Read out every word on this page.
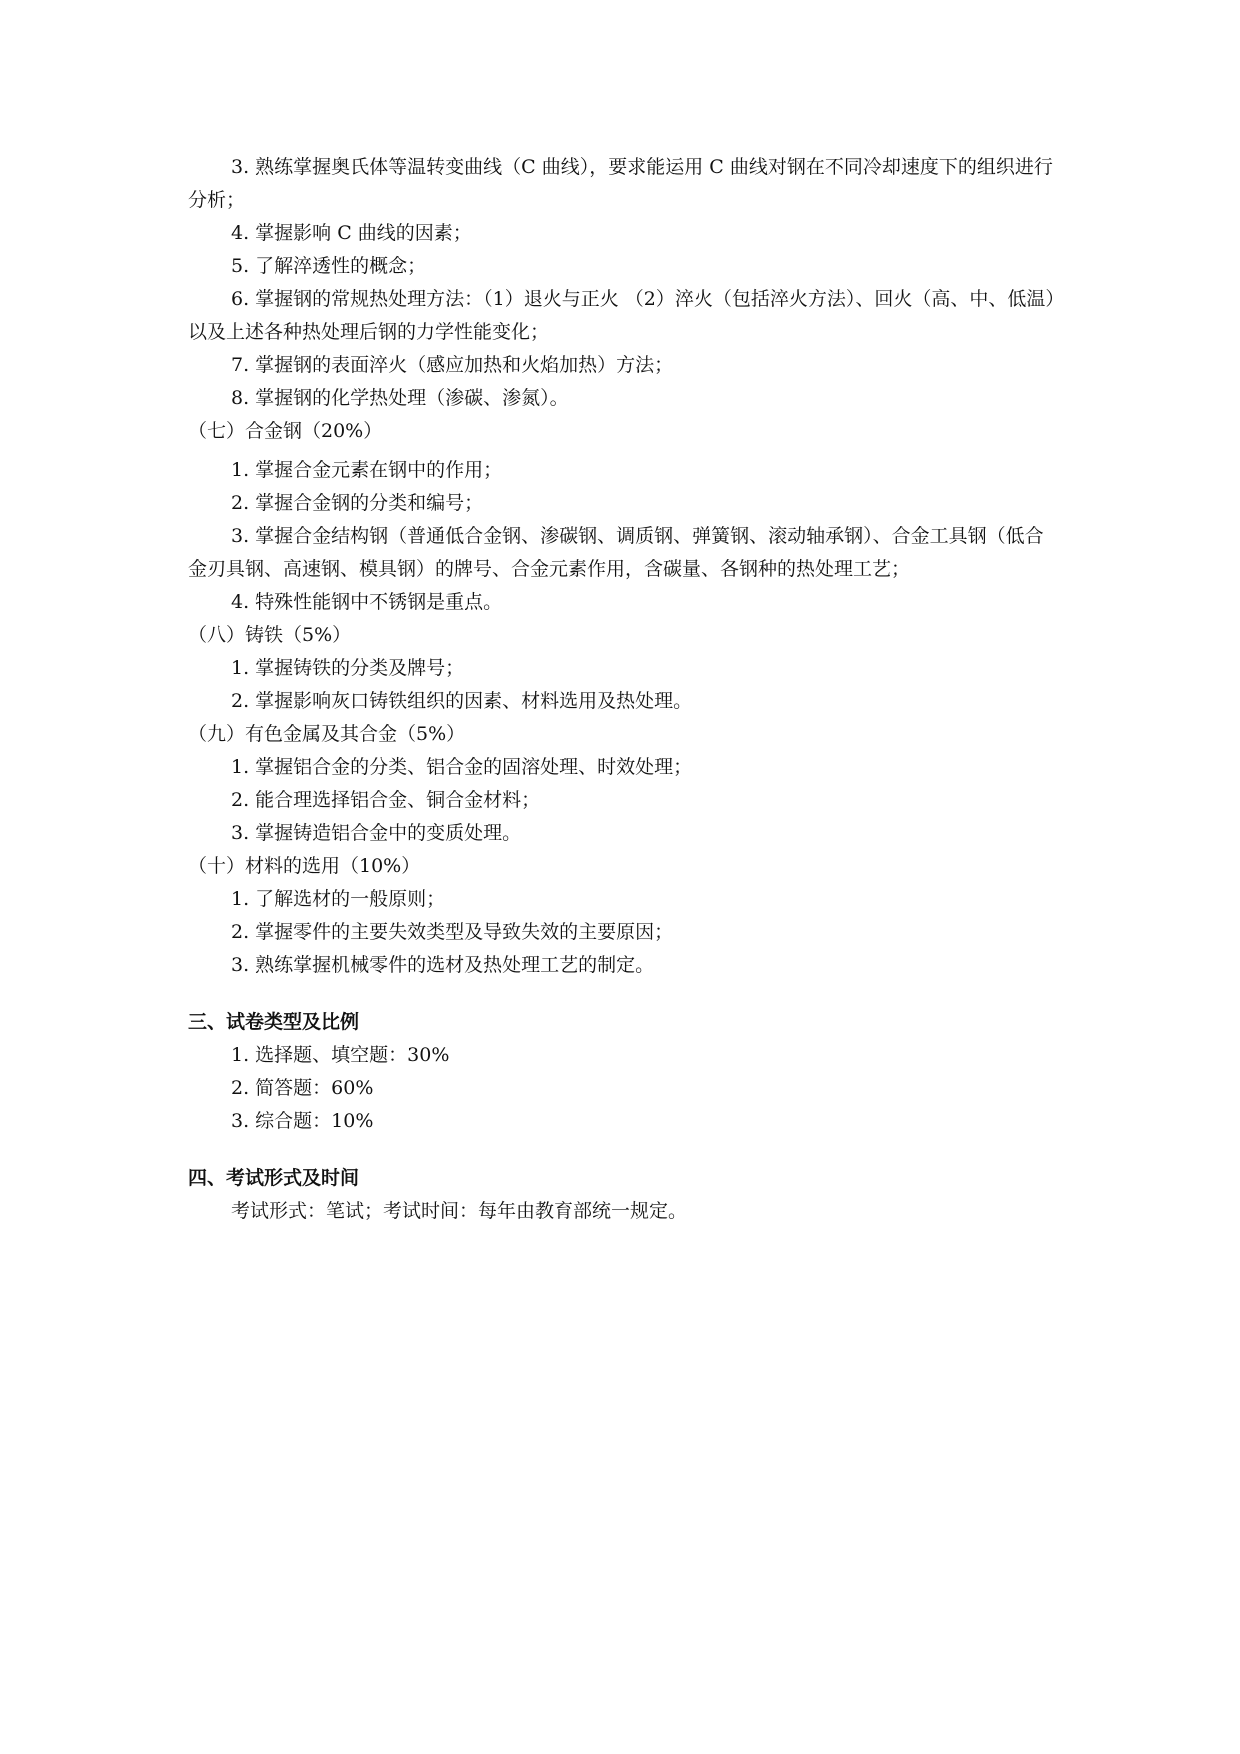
3. 熟练掌握奥氏体等温转变曲线（C 曲线），要求能运用 C 曲线对钢在不同冷却速度下的组织进行分析；

4. 掌握影响 C 曲线的因素；

5. 了解淬透性的概念；

6. 掌握钢的常规热处理方法：（1）退火与正火 （2）淬火（包括淬火方法）、回火（高、中、低温）以及上述各种热处理后钢的力学性能变化；

7. 掌握钢的表面淬火（感应加热和火焰加热）方法；

8. 掌握钢的化学热处理（渗碳、渗氮）。

（七）合金钢（20%）

1. 掌握合金元素在钢中的作用；

2. 掌握合金钢的分类和编号；

3. 掌握合金结构钢（普通低合金钢、渗碳钢、调质钢、弹簧钢、滚动轴承钢）、合金工具钢（低合金刃具钢、高速钢、模具钢）的牌号、合金元素作用，含碳量、各钢种的热处理工艺；

4. 特殊性能钢中不锈钢是重点。

（八）铸铁（5%）

1. 掌握铸铁的分类及牌号；

2. 掌握影响灰口铸铁组织的因素、材料选用及热处理。

（九）有色金属及其合金（5%）

1. 掌握铝合金的分类、铝合金的固溶处理、时效处理；

2. 能合理选择铝合金、铜合金材料；

3. 掌握铸造铝合金中的变质处理。

（十）材料的选用（10%）

1. 了解选材的一般原则；

2. 掌握零件的主要失效类型及导致失效的主要原因；

3. 熟练掌握机械零件的选材及热处理工艺的制定。

三、试卷类型及比例

1. 选择题、填空题：30%

2. 简答题：60%

3. 综合题：10%

四、考试形式及时间

考试形式：笔试；考试时间：每年由教育部统一规定。
